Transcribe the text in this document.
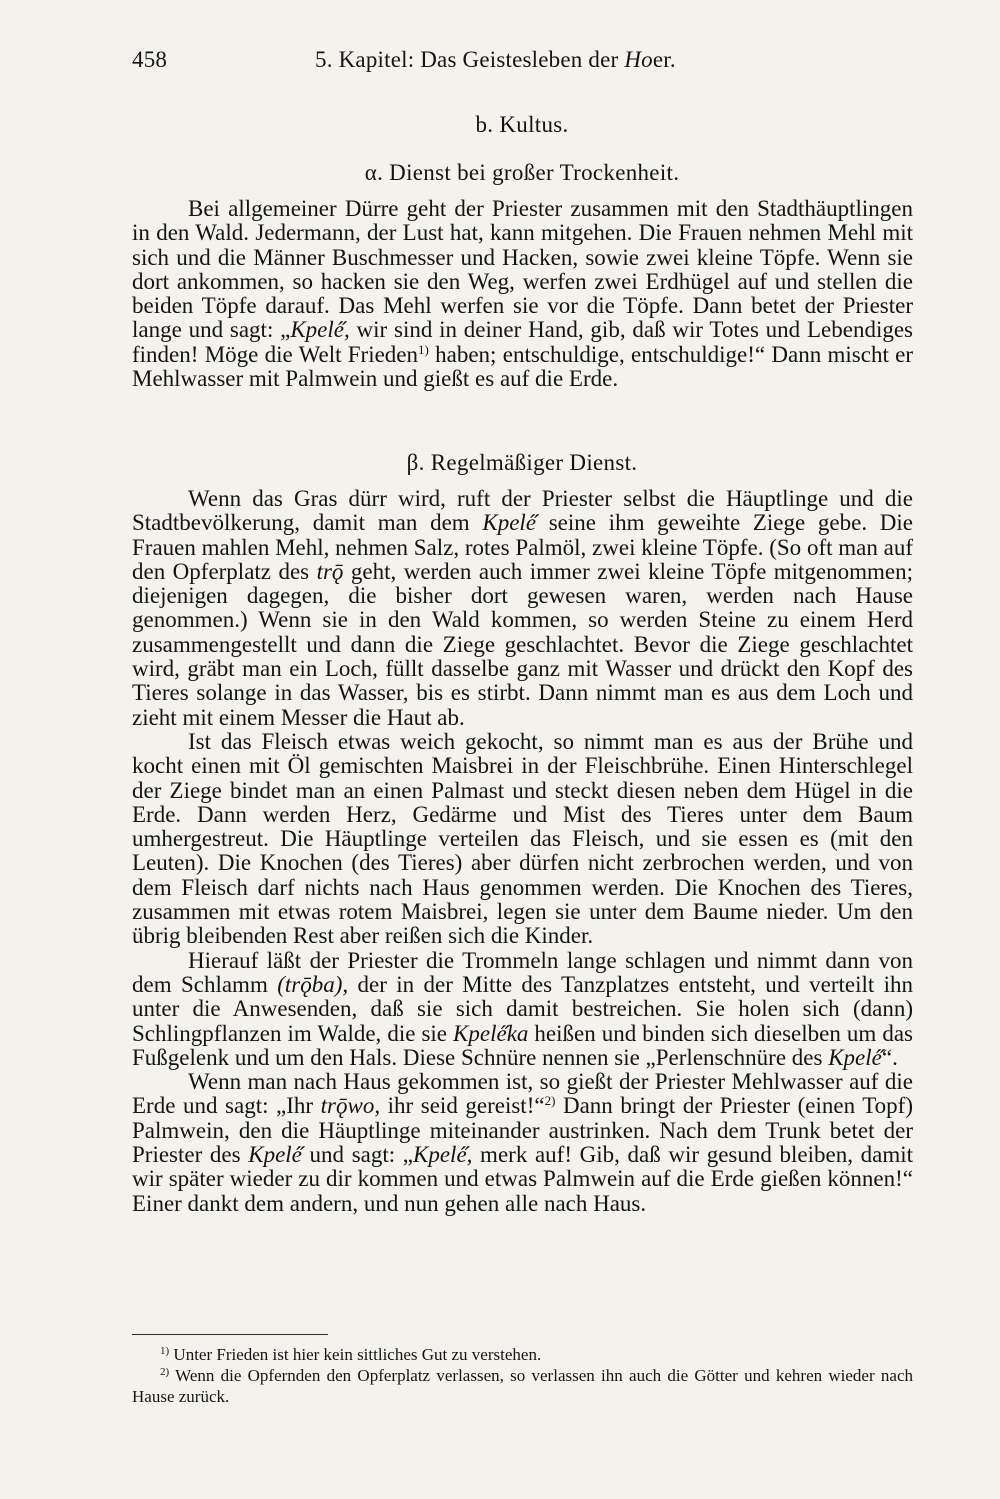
458	5. Kapitel: Das Geistesleben der Hoer.
b. Kultus.
α. Dienst bei großer Trockenheit.

Bei allgemeiner Dürre geht der Priester zusammen mit den Stadthäuptlingen in den Wald. Jedermann, der Lust hat, kann mitgehen. Die Frauen nehmen Mehl mit sich und die Männer Buschmesser und Hacken, sowie zwei kleine Töpfe. Wenn sie dort ankommen, so hacken sie den Weg, werfen zwei Erdhügel auf und stellen die beiden Töpfe darauf. Das Mehl werfen sie vor die Töpfe. Dann betet der Priester lange und sagt: „Kpele̋, wir sind in deiner Hand, gib, daß wir Totes und Lebendiges finden! Möge die Welt Frieden$^{1)}$ haben; entschuldige, entschuldige!“ Dann mischt er Mehlwasser mit Palmwein und gießt es auf die Erde.

β. Regelmäßiger Dienst.

Wenn das Gras dürr wird, ruft der Priester selbst die Häuptlinge und die Stadtbevölkerung, damit man dem Kpele̋ seine ihm geweihte Ziege gebe. Die Frauen mahlen Mehl, nehmen Salz, rotes Palmöl, zwei kleine Töpfe. (So oft man auf den Opferplatz des trǭ geht, werden auch immer zwei kleine Töpfe mitgenommen; diejenigen dagegen, die bisher dort gewesen waren, werden nach Hause genommen.) Wenn sie in den Wald kommen, so werden Steine zu einem Herd zusammengestellt und dann die Ziege geschlachtet. Bevor die Ziege geschlachtet wird, gräbt man ein Loch, füllt dasselbe ganz mit Wasser und drückt den Kopf des Tieres solange in das Wasser, bis es stirbt. Dann nimmt man es aus dem Loch und zieht mit einem Messer die Haut ab.

Ist das Fleisch etwas weich gekocht, so nimmt man es aus der Brühe und kocht einen mit Öl gemischten Maisbrei in der Fleischbrühe. Einen Hinterschlegel der Ziege bindet man an einen Palmast und steckt diesen neben dem Hügel in die Erde. Dann werden Herz, Gedärme und Mist des Tieres unter dem Baum umhergestreut. Die Häuptlinge verteilen das Fleisch, und sie essen es (mit den Leuten). Die Knochen (des Tieres) aber dürfen nicht zerbrochen werden, und von dem Fleisch darf nichts nach Haus genommen werden. Die Knochen des Tieres, zusammen mit etwas rotem Maisbrei, legen sie unter dem Baume nieder. Um den übrig bleibenden Rest aber reißen sich die Kinder.

Hierauf läßt der Priester die Trommeln lange schlagen und nimmt dann von dem Schlamm (trǭba), der in der Mitte des Tanzplatzes entsteht, und verteilt ihn unter die Anwesenden, daß sie sich damit bestreichen. Sie holen sich (dann) Schlingpflanzen im Walde, die sie Kpele̋ka heißen und binden sich dieselben um das Fußgelenk und um den Hals. Diese Schnüre nennen sie „Perlenschnüre des Kpele̋“.

Wenn man nach Haus gekommen ist, so gießt der Priester Mehlwasser auf die Erde und sagt: „Ihr trǭwo, ihr seid gereist!“$^{2)}$ Dann bringt der Priester (einen Topf) Palmwein, den die Häuptlinge miteinander austrinken. Nach dem Trunk betet der Priester des Kpele̋ und sagt: „Kpele̋, merk auf! Gib, daß wir gesund bleiben, damit wir später wieder zu dir kommen und etwas Palmwein auf die Erde gießen können!“ Einer dankt dem andern, und nun gehen alle nach Haus.

$^{1)}$ Unter Frieden ist hier kein sittliches Gut zu verstehen.

$^{2)}$ Wenn die Opfernden den Opferplatz verlassen, so verlassen ihn auch die Götter und kehren wieder nach Hause zurück.
